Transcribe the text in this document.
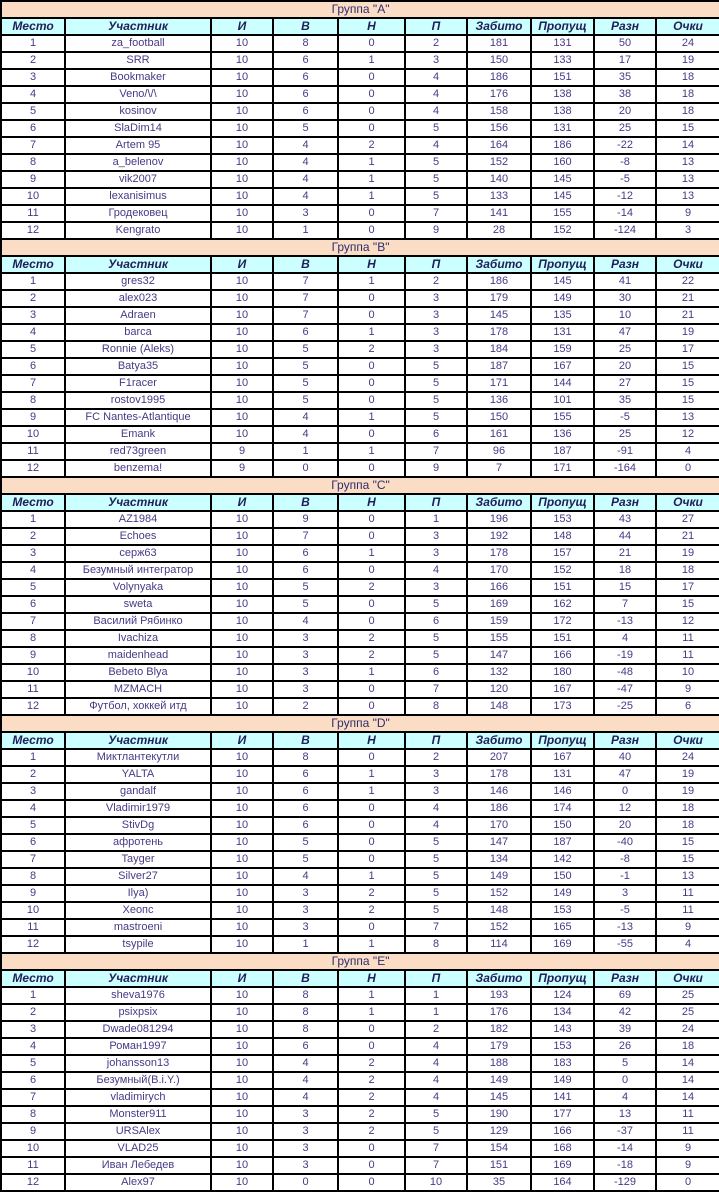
Группа "A"									
Место	Участник	И	В	Н	П	Забито	Пропущ	Разн	Очки
1	za_football	10	8	0	2	181	131	50	24
2	SRR	10	6	1	3	150	133	17	19
3	Bookmaker	10	6	0	4	186	151	35	18
4	Veno/\/\	10	6	0	4	176	138	38	18
5	kosinov	10	6	0	4	158	138	20	18
6	SlaDim14	10	5	0	5	156	131	25	15
7	Artem 95	10	4	2	4	164	186	-22	14
8	a_belenov	10	4	1	5	152	160	-8	13
9	vik2007	10	4	1	5	140	145	-5	13
10	lexanisimus	10	4	1	5	133	145	-12	13
11	Гродековец	10	3	0	7	141	155	-14	9
12	Kengrato	10	1	0	9	28	152	-124	3
Группа "B"									
Место	Участник	И	В	Н	П	Забито	Пропущ	Разн	Очки
1	gres32	10	7	1	2	186	145	41	22
2	alex023	10	7	0	3	179	149	30	21
3	Adraen	10	7	0	3	145	135	10	21
4	barca	10	6	1	3	178	131	47	19
5	Ronnie (Aleks)	10	5	2	3	184	159	25	17
6	Batya35	10	5	0	5	187	167	20	15
7	F1racer	10	5	0	5	171	144	27	15
8	rostov1995	10	5	0	5	136	101	35	15
9	FC Nantes-Atlantique	10	4	1	5	150	155	-5	13
10	Emank	10	4	0	6	161	136	25	12
11	red73green	9	1	1	7	96	187	-91	4
12	benzema!	9	0	0	9	7	171	-164	0
Группа "C"									
Место	Участник	И	В	Н	П	Забито	Пропущ	Разн	Очки
1	AZ1984	10	9	0	1	196	153	43	27
2	Echoes	10	7	0	3	192	148	44	21
3	серж63	10	6	1	3	178	157	21	19
4	Безумный интегратор	10	6	0	4	170	152	18	18
5	Volynyaka	10	5	2	3	166	151	15	17
6	sweta	10	5	0	5	169	162	7	15
7	Василий Рябинко	10	4	0	6	159	172	-13	12
8	Ivachiza	10	3	2	5	155	151	4	11
9	maidenhead	10	3	2	5	147	166	-19	11
10	Bebeto Blya	10	3	1	6	132	180	-48	10
11	MZMACH	10	3	0	7	120	167	-47	9
12	Футбол, хоккей итд	10	2	0	8	148	173	-25	6
Группа "D"									
Место	Участник	И	В	Н	П	Забито	Пропущ	Разн	Очки
1	Миктлантекутли	10	8	0	2	207	167	40	24
2	YALTA	10	6	1	3	178	131	47	19
3	gandalf	10	6	1	3	146	146	0	19
4	Vladimir1979	10	6	0	4	186	174	12	18
5	StivDg	10	6	0	4	170	150	20	18
6	афротень	10	5	0	5	147	187	-40	15
7	Tayger	10	5	0	5	134	142	-8	15
8	Silver27	10	4	1	5	149	150	-1	13
9	Ilya)	10	3	2	5	152	149	3	11
10	Хеопс	10	3	2	5	148	153	-5	11
11	mastroeni	10	3	0	7	152	165	-13	9
12	tsypile	10	1	1	8	114	169	-55	4
Группа "E"									
Место	Участник	И	В	Н	П	Забито	Пропущ	Разн	Очки
1	sheva1976	10	8	1	1	193	124	69	25
2	psixpsix	10	8	1	1	176	134	42	25
3	Dwade081294	10	8	0	2	182	143	39	24
4	Роман1997	10	6	0	4	179	153	26	18
5	johansson13	10	4	2	4	188	183	5	14
6	Безумный(B.i.Y.)	10	4	2	4	149	149	0	14
7	vladimirych	10	4	2	4	145	141	4	14
8	Monster911	10	3	2	5	190	177	13	11
9	URSAlex	10	3	2	5	129	166	-37	11
10	VLAD25	10	3	0	7	154	168	-14	9
11	Иван Лебедев	10	3	0	7	151	169	-18	9
12	Alex97	10	0	0	10	35	164	-129	0
